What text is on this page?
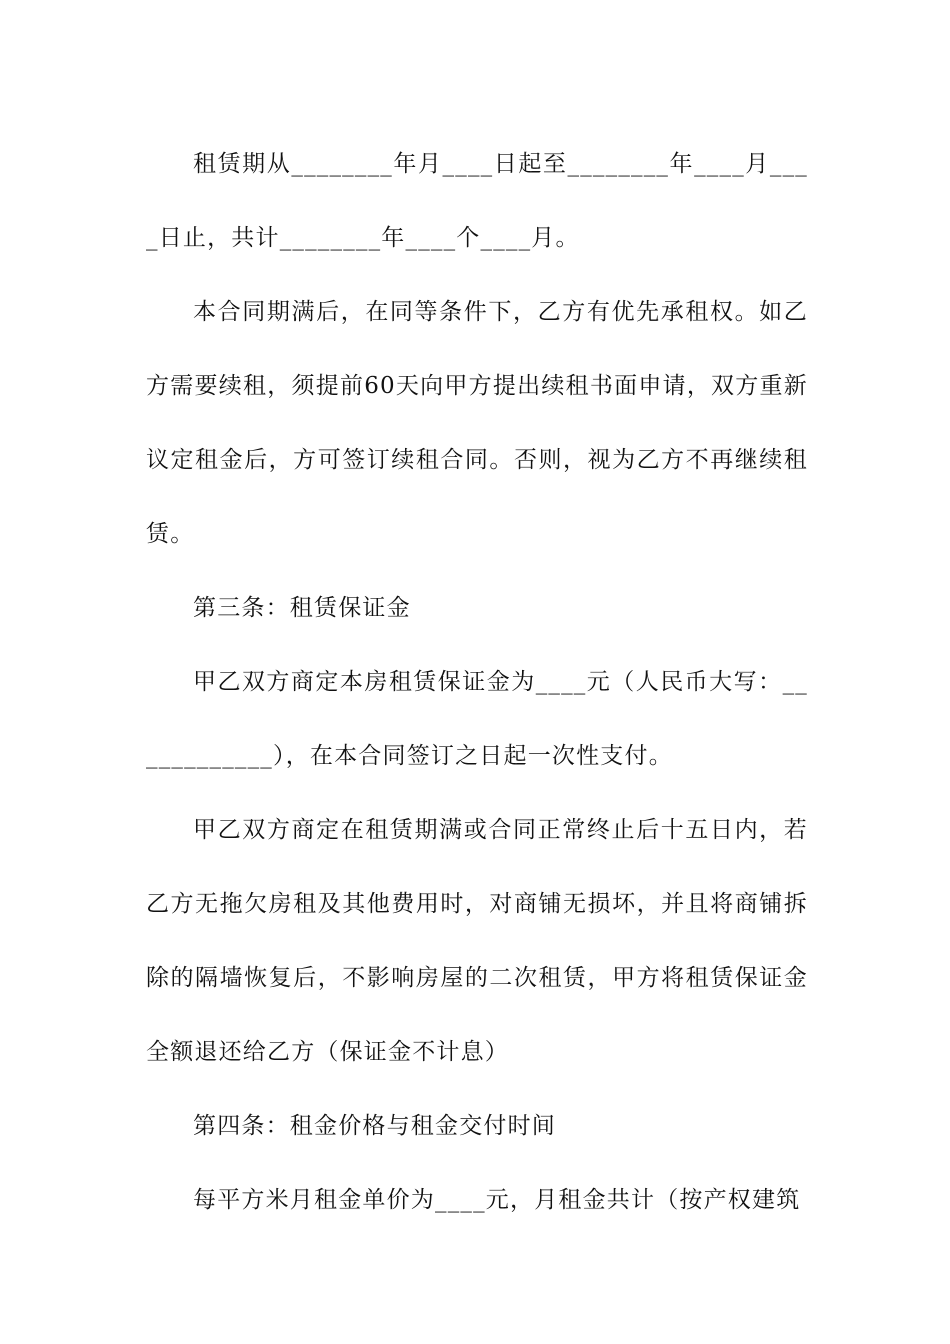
租赁期从________年月____日起至________年____月____日止，共计________年____个____月。

本合同期满后，在同等条件下，乙方有优先承租权。如乙方需要续租，须提前60天向甲方提出续租书面申请，双方重新议定租金后，方可签订续租合同。否则，视为乙方不再继续租赁。

第三条：租赁保证金

甲乙双方商定本房租赁保证金为____元（人民币大写：____________），在本合同签订之日起一次性支付。

甲乙双方商定在租赁期满或合同正常终止后十五日内，若乙方无拖欠房租及其他费用时，对商铺无损坏，并且将商铺拆除的隔墙恢复后，不影响房屋的二次租赁，甲方将租赁保证金全额退还给乙方（保证金不计息）

第四条：租金价格与租金交付时间

每平方米月租金单价为____元，月租金共计（按产权建筑
